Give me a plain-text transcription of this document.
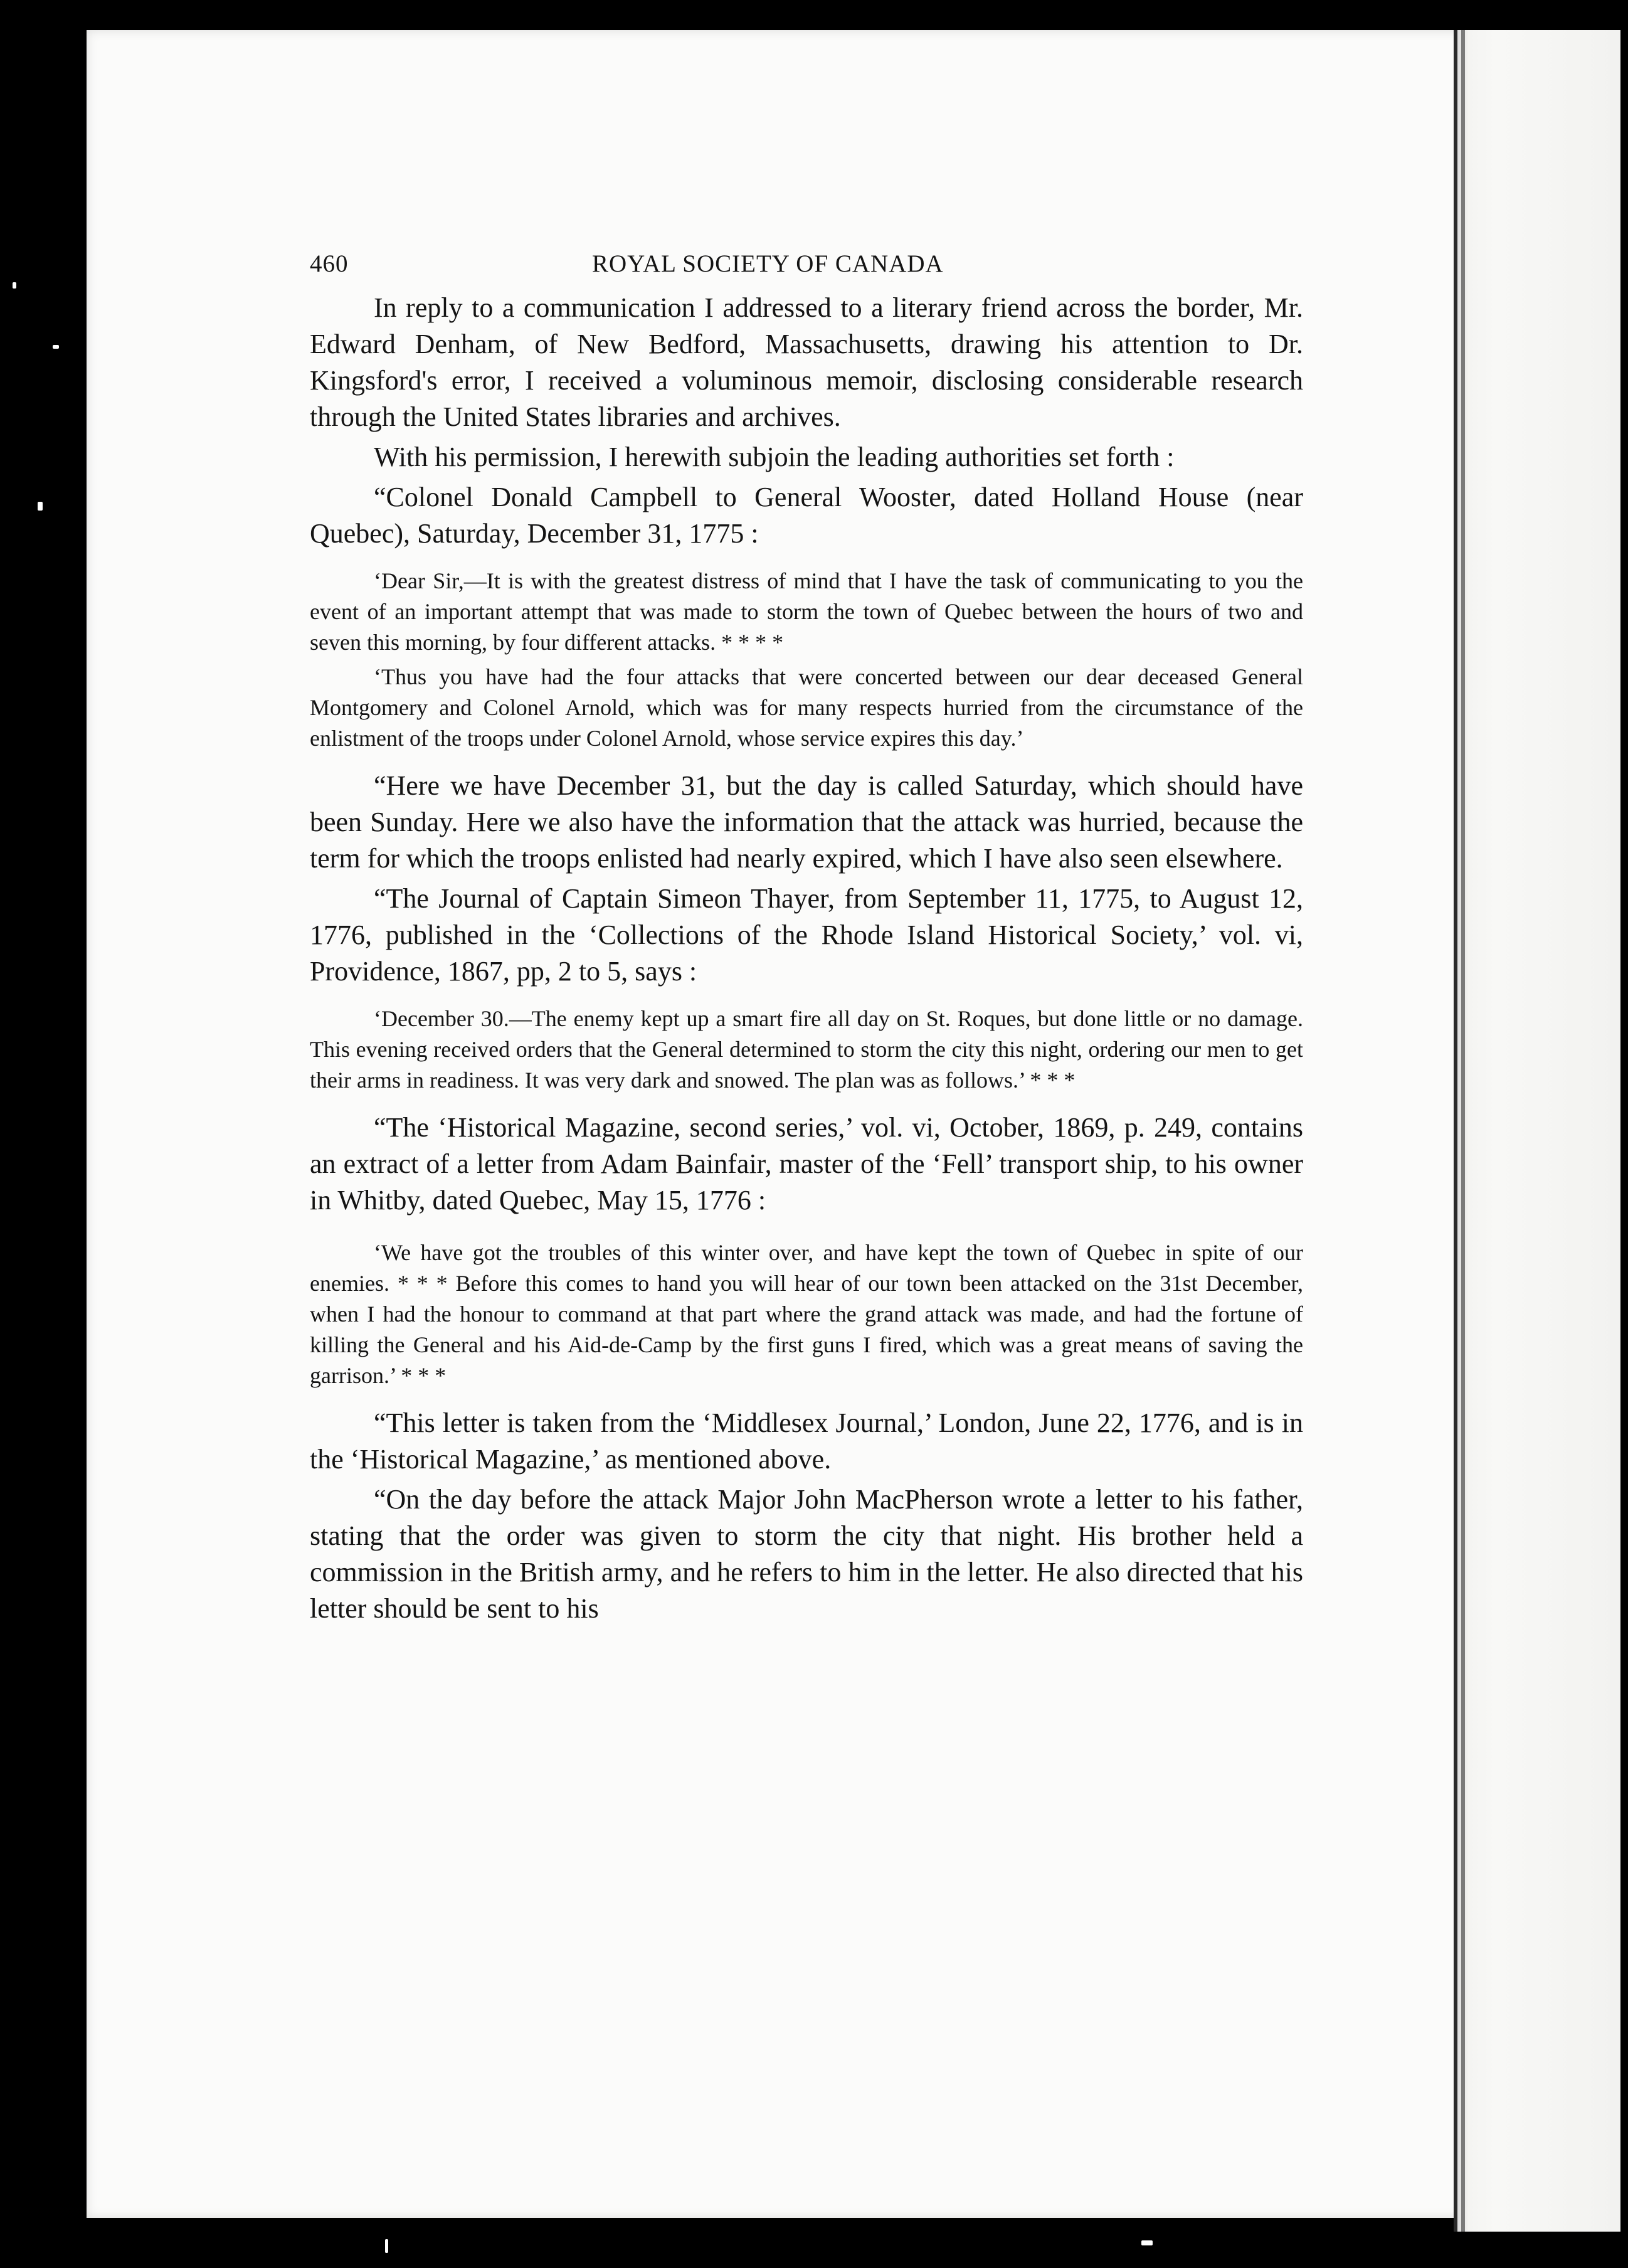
460	ROYAL SOCIETY OF CANADA

In reply to a communication I addressed to a literary friend across the border, Mr. Edward Denham, of New Bedford, Massachusetts, drawing his attention to Dr. Kingsford's error, I received a voluminous memoir, disclosing considerable research through the United States libraries and archives.

With his permission, I herewith subjoin the leading authorities set forth :

“Colonel Donald Campbell to General Wooster, dated Holland House (near Quebec), Saturday, December 31, 1775 :

‘Dear Sir,—It is with the greatest distress of mind that I have the task of communicating to you the event of an important attempt that was made to storm the town of Quebec between the hours of two and seven this morning, by four different attacks. * * * *

‘Thus you have had the four attacks that were concerted between our dear deceased General Montgomery and Colonel Arnold, which was for many respects hurried from the circumstance of the enlistment of the troops under Colonel Arnold, whose service expires this day.’

“Here we have December 31, but the day is called Saturday, which should have been Sunday. Here we also have the information that the attack was hurried, because the term for which the troops enlisted had nearly expired, which I have also seen elsewhere.

“The Journal of Captain Simeon Thayer, from September 11, 1775, to August 12, 1776, published in the ‘Collections of the Rhode Island Historical Society,’ vol. vi, Providence, 1867, pp, 2 to 5, says :

‘December 30.—The enemy kept up a smart fire all day on St. Roques, but done little or no damage. This evening received orders that the General determined to storm the city this night, ordering our men to get their arms in readiness. It was very dark and snowed. The plan was as follows.’ * * *

“The ‘Historical Magazine, second series,’ vol. vi, October, 1869, p. 249, contains an extract of a letter from Adam Bainfair, master of the ‘Fell’ transport ship, to his owner in Whitby, dated Quebec, May 15, 1776 :

‘We have got the troubles of this winter over, and have kept the town of Quebec in spite of our enemies. * * * Before this comes to hand you will hear of our town been attacked on the 31st December, when I had the honour to command at that part where the grand attack was made, and had the fortune of killing the General and his Aid-de-Camp by the first guns I fired, which was a great means of saving the garrison.’ * * *

“This letter is taken from the ‘Middlesex Journal,’ London, June 22, 1776, and is in the ‘Historical Magazine,’ as mentioned above.

“On the day before the attack Major John MacPherson wrote a letter to his father, stating that the order was given to storm the city that night. His brother held a commission in the British army, and he refers to him in the letter. He also directed that his letter should be sent to his
